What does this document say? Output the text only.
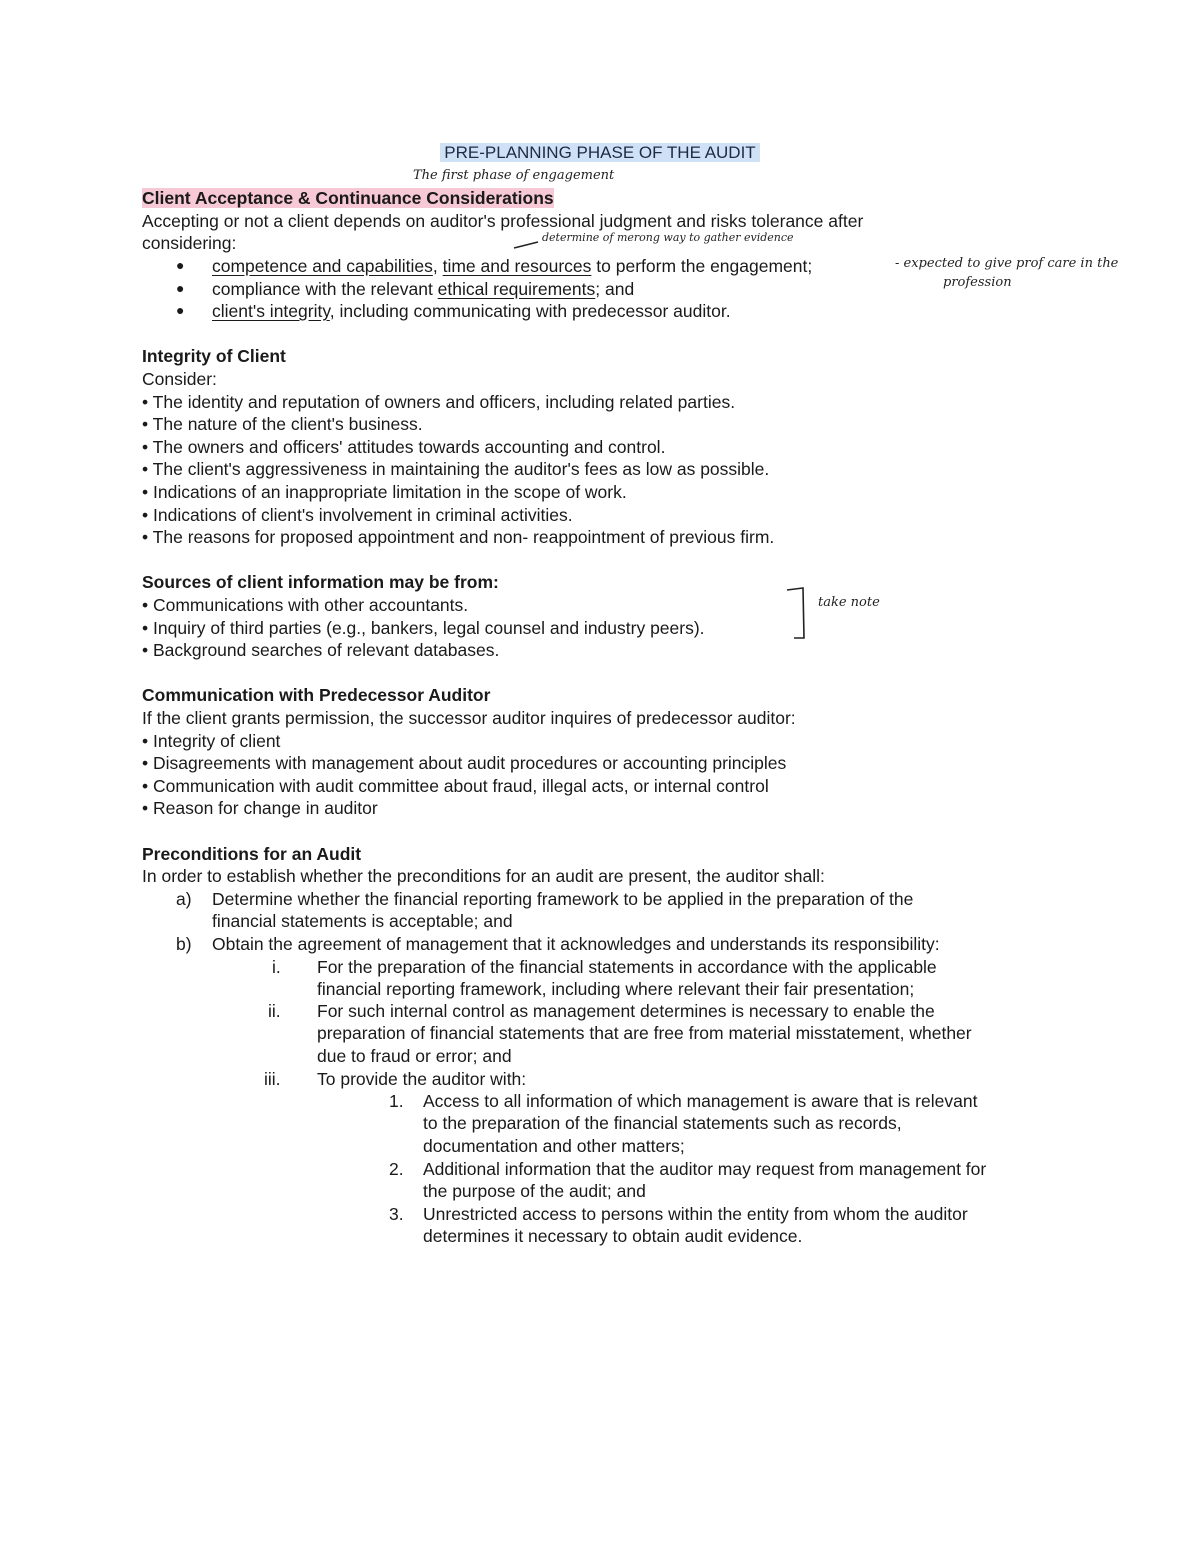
PRE-PLANNING PHASE OF THE AUDIT
The first phase of engagement
Client Acceptance & Continuance Considerations
Accepting or not a client depends on auditor's professional judgment and risks tolerance after
considering:	determine of merong way to gather evidence
● competence and capabilities, time and resources to perform the engagement;	- expected to give prof care in the
profession
● compliance with the relevant ethical requirements; and
● client's integrity, including communicating with predecessor auditor.
Integrity of Client
Consider:
• The identity and reputation of owners and officers, including related parties.
• The nature of the client's business.
• The owners and officers' attitudes towards accounting and control.
• The client's aggressiveness in maintaining the auditor's fees as low as possible.
• Indications of an inappropriate limitation in the scope of work.
• Indications of client's involvement in criminal activities.
• The reasons for proposed appointment and non- reappointment of previous firm.
Sources of client information may be from:
• Communications with other accountants.
• Inquiry of third parties (e.g., bankers, legal counsel and industry peers).
• Background searches of relevant databases.
take note
Communication with Predecessor Auditor
If the client grants permission, the successor auditor inquires of predecessor auditor:
• Integrity of client
• Disagreements with management about audit procedures or accounting principles
• Communication with audit committee about fraud, illegal acts, or internal control
• Reason for change in auditor
Preconditions for an Audit
In order to establish whether the preconditions for an audit are present, the auditor shall:
a) Determine whether the financial reporting framework to be applied in the preparation of the
financial statements is acceptable; and
b) Obtain the agreement of management that it acknowledges and understands its responsibility:
i. For the preparation of the financial statements in accordance with the applicable
financial reporting framework, including where relevant their fair presentation;
ii. For such internal control as management determines is necessary to enable the
preparation of financial statements that are free from material misstatement, whether
due to fraud or error; and
iii. To provide the auditor with:
1. Access to all information of which management is aware that is relevant
to the preparation of the financial statements such as records,
documentation and other matters;
2. Additional information that the auditor may request from management for
the purpose of the audit; and
3. Unrestricted access to persons within the entity from whom the auditor
determines it necessary to obtain audit evidence.
